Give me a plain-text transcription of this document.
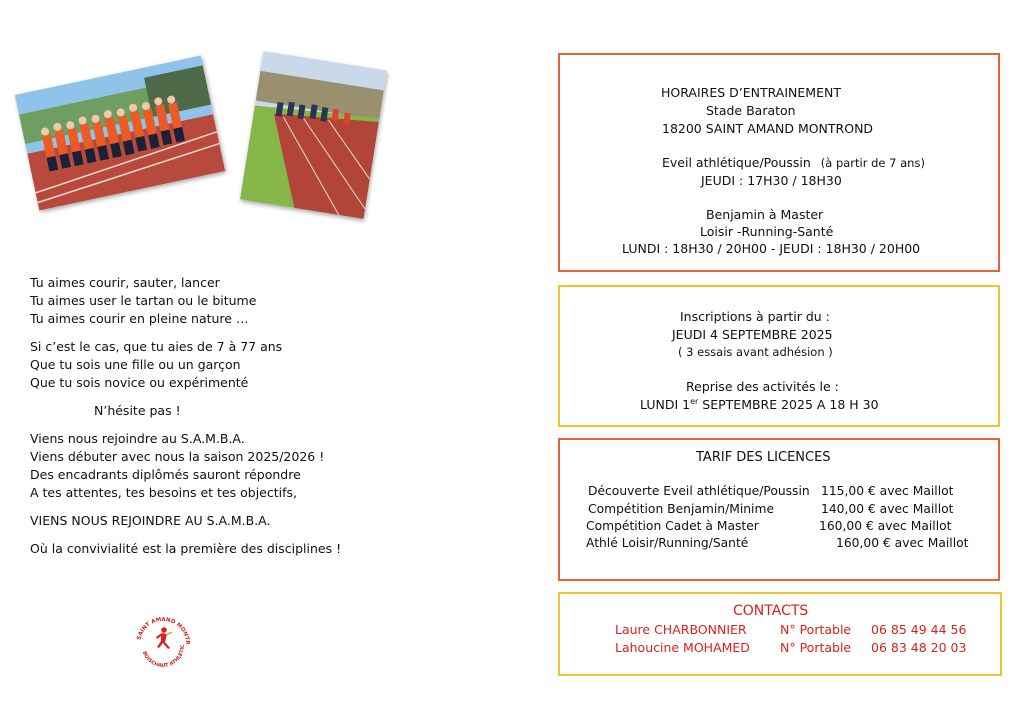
Tu aimes courir, sauter, lancer

Tu aimes user le tartan ou le bitume

Tu aimes courir en pleine nature …

Si c’est le cas, que tu aies de 7 à 77 ans

Que tu sois une fille ou un garçon

Que tu sois novice ou expérimenté

N’hésite pas !

Viens nous rejoindre au S.A.M.B.A.

Viens débuter avec nous la saison 2025/2026 !

Des encadrants diplômés sauront répondre

A tes attentes, tes besoins et tes objectifs,

VIENS NOUS REJOINDRE AU S.A.M.B.A.

Où la convivialité est la première des disciplines !

SAINT AMAND MONTR
BOISCHAUT ATHLETIC
HORAIRES D’ENTRAINEMENT
Stade Baraton
18200 SAINT AMAND MONTROND
Eveil athlétique/Poussin (à partir de 7 ans)
JEUDI : 17H30 / 18H30
Benjamin à Master
Loisir -Running-Santé
LUNDI : 18H30 / 20H00 - JEUDI : 18H30 / 20H00
Inscriptions à partir du :
JEUDI 4 SEPTEMBRE 2025
( 3 essais avant adhésion )
Reprise des activités le :
LUNDI 1er SEPTEMBRE 2025 A 18 H 30
TARIF DES LICENCES
Découverte Eveil athlétique/Poussin 115,00 € avec Maillot
Compétition Benjamin/Minime	140,00 € avec Maillot
Compétition Cadet à Master	160,00 € avec Maillot
Athlé Loisir/Running/Santé	160,00 € avec Maillot
CONTACTS
Laure CHARBONNIER	N° Portable 06 85 49 44 56
Lahoucine MOHAMED N° Portable 06 83 48 20 03
